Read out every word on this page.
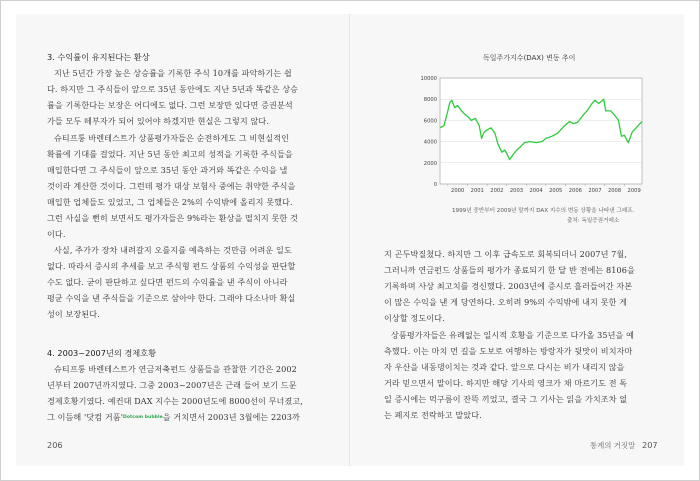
3. 수익률이 유지된다는 환상
지난 5년간 가장 높은 상승률을 기록한 주식 10개를 파악하기는 쉽
다. 하지만 그 주식들이 앞으로 35년 동안에도 지난 5년과 똑같은 상승
률을 기록한다는 보장은 어디에도 없다. 그런 보장만 있다면 증권분석
가들 모두 떼부자가 되어 있어야 하겠지만 현실은 그렇지 않다.
슈티프퉁 바렌테스트가 상품평가자들은 순전하게도 그 비현실적인
확률에 기대를 걸었다. 지난 5년 동안 최고의 성적을 기록한 주식들을
매입한다면 그 주식들이 앞으로 35년 동안 과거와 똑같은 수익을 낼
것이라 계산한 것이다. 그런데 평가 대상 보험사 중에는 취약한 주식을
매입한 업체들도 있었고, 그 업체들은 2%의 수익밖에 올리지 못했다.
그런 사실을 뻔히 보면서도 평가자들은 9%라는 환상을 떨치지 못한 것
이다.
사실, 주가가 장차 내려갈지 오를지를 예측하는 것만큼 어려운 일도
없다. 따라서 증시의 추세를 보고 주식형 펀드 상품의 수익성을 판단할
수도 없다. 굳이 판단하고 싶다면 펀드의 수익률을 낸 주식이 아니라
평균 수익을 낸 주식들을 기준으로 삼아야 한다. 그래야 다소나마 확실
성이 보장된다.
4. 2003~2007년의 경제호황
슈티프퉁 바렌테스트가 연금저축펀드 상품들을 관찰한 기간은 2002
년부터 2007년까지였다. 그중 2003~2007년은 근래 들어 보기 드문
경제호황기였다. 예컨대 DAX 지수는 2000년도에 8000선이 무너졌고,
그 이듬해 '닷컴 거품'$^{Dotcom bubble}$을 거치면서 2003년 3월에는 2203까
206
독일주가지수(DAX) 변동 추이
0
2000
4000
6000
8000
10000
2000 2001 2002 2003 2004 2005 2006 2007 2008 2009
1999년 중반부터 2009년 말까지 DAX 지수의 변동 상황을 나타낸 그래프.
출처: 독일증권거래소
지 곤두박질쳤다. 하지만 그 이후 급속도로 회복되더니 2007년 7월,
그러니까 연금펀드 상품들의 평가가 종료되기 한 달 반 전에는 8106을
기록하며 사상 최고치를 경신했다. 2003년에 증시로 흘러들어간 자본
이 많은 수익을 낸 게 당연하다. 오히려 9%의 수익밖에 내지 못한 게
이상할 정도이다.
상품평가자들은 유례없는 일시적 호황을 기준으로 다가올 35년을 예
측했다. 이는 마치 먼 길을 도보로 여행하는 방랑자가 뒷맛이 비치자마
자 우산을 내동댕이치는 것과 같다. 앞으로 다시는 비가 내리지 않을
거라 믿으면서 말이다. 하지만 해당 기사의 영크가 채 마르기도 전 독
일 증시에는 먹구름이 잔뜩 끼었고, 결국 그 기사는 읽을 가치조차 없
는 폐지로 전락하고 말았다.
통계의 거짓말 207
